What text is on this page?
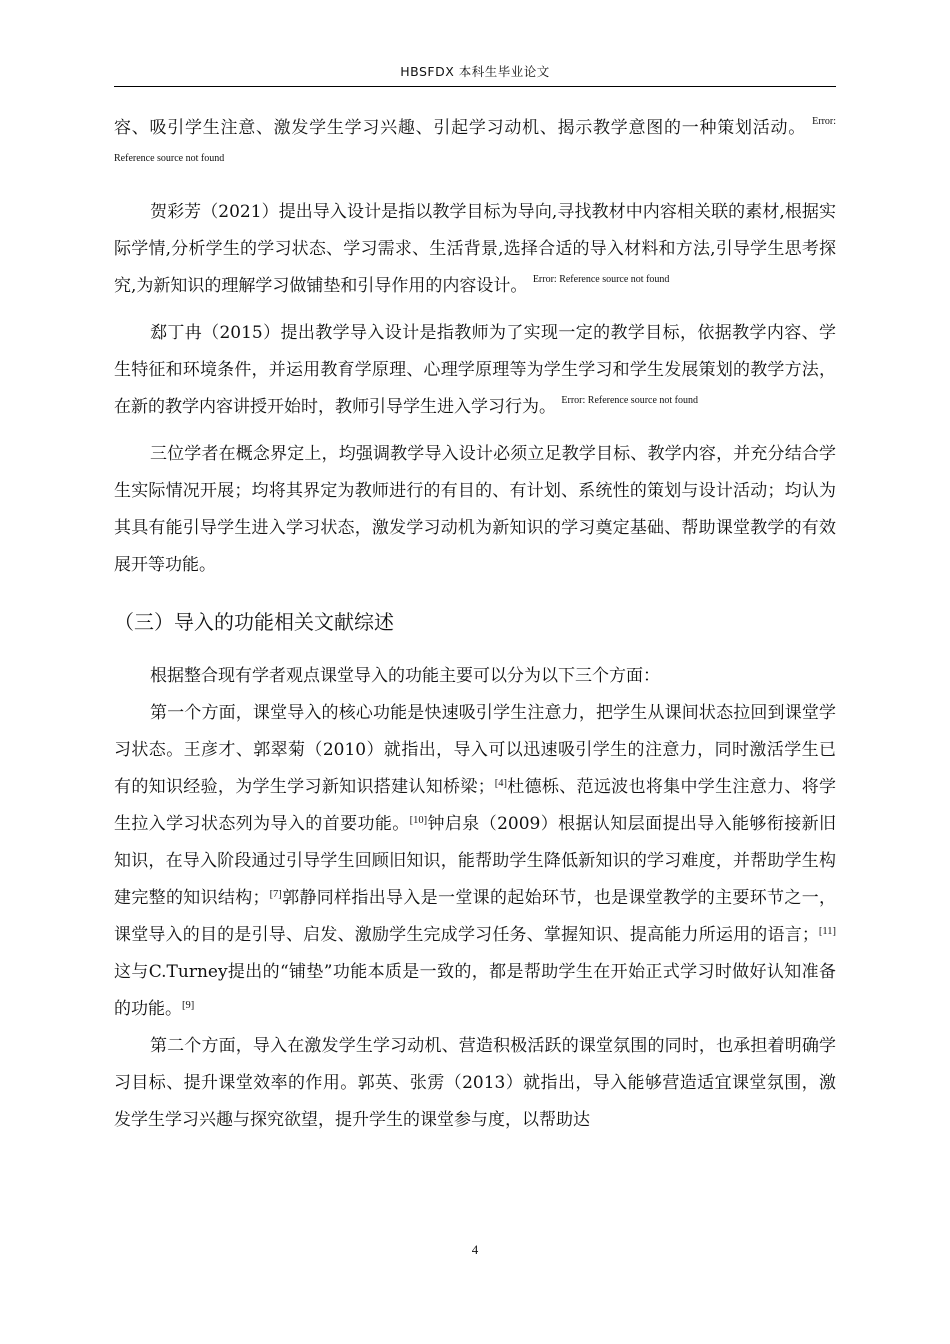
HBSFDX 本科生毕业论文

容、吸引学生注意、激发学生学习兴趣、引起学习动机、揭示教学意图的一种策划活动。 $^{Error: Reference source not found}$

贺彩芳（2021）提出导入设计是指以教学目标为导向,寻找教材中内容相关联的素材,根据实际学情,分析学生的学习状态、学习需求、生活背景,选择合适的导入材料和方法,引导学生思考探究,为新知识的理解学习做铺垫和引导作用的内容设计。 $^{Error: Reference source not found}$

郄丁冉（2015）提出教学导入设计是指教师为了实现一定的教学目标，依据教学内容、学生特征和环境条件，并运用教育学原理、心理学原理等为学生学习和学生发展策划的教学方法，在新的教学内容讲授开始时，教师引导学生进入学习行为。 $^{Error: Reference source not found}$

三位学者在概念界定上，均强调教学导入设计必须立足教学目标、教学内容，并充分结合学生实际情况开展；均将其界定为教师进行的有目的、有计划、系统性的策划与设计活动；均认为其具有能引导学生进入学习状态，激发学习动机为新知识的学习奠定基础、帮助课堂教学的有效展开等功能。

（三）导入的功能相关文献综述

根据整合现有学者观点课堂导入的功能主要可以分为以下三个方面：

第一个方面，课堂导入的核心功能是快速吸引学生注意力，把学生从课间状态拉回到课堂学习状态。王彦才、郭翠菊（2010）就指出，导入可以迅速吸引学生的注意力，同时激活学生已有的知识经验，为学生学习新知识搭建认知桥梁；[4]杜德栎、范远波也将集中学生注意力、将学生拉入学习状态列为导入的首要功能。[10]钟启泉（2009）根据认知层面提出导入能够衔接新旧知识，在导入阶段通过引导学生回顾旧知识，能帮助学生降低新知识的学习难度，并帮助学生构建完整的知识结构；[7]郭静同样指出导入是一堂课的起始环节，也是课堂教学的主要环节之一，课堂导入的目的是引导、启发、激励学生完成学习任务、掌握知识、提高能力所运用的语言；[11]这与C.Turney提出的“铺垫”功能本质是一致的，都是帮助学生在开始正式学习时做好认知准备的功能。[9]

第二个方面，导入在激发学生学习动机、营造积极活跃的课堂氛围的同时，也承担着明确学习目标、提升课堂效率的作用。郭英、张雳（2013）就指出，导入能够营造适宜课堂氛围，激发学生学习兴趣与探究欲望，提升学生的课堂参与度，以帮助达

4
